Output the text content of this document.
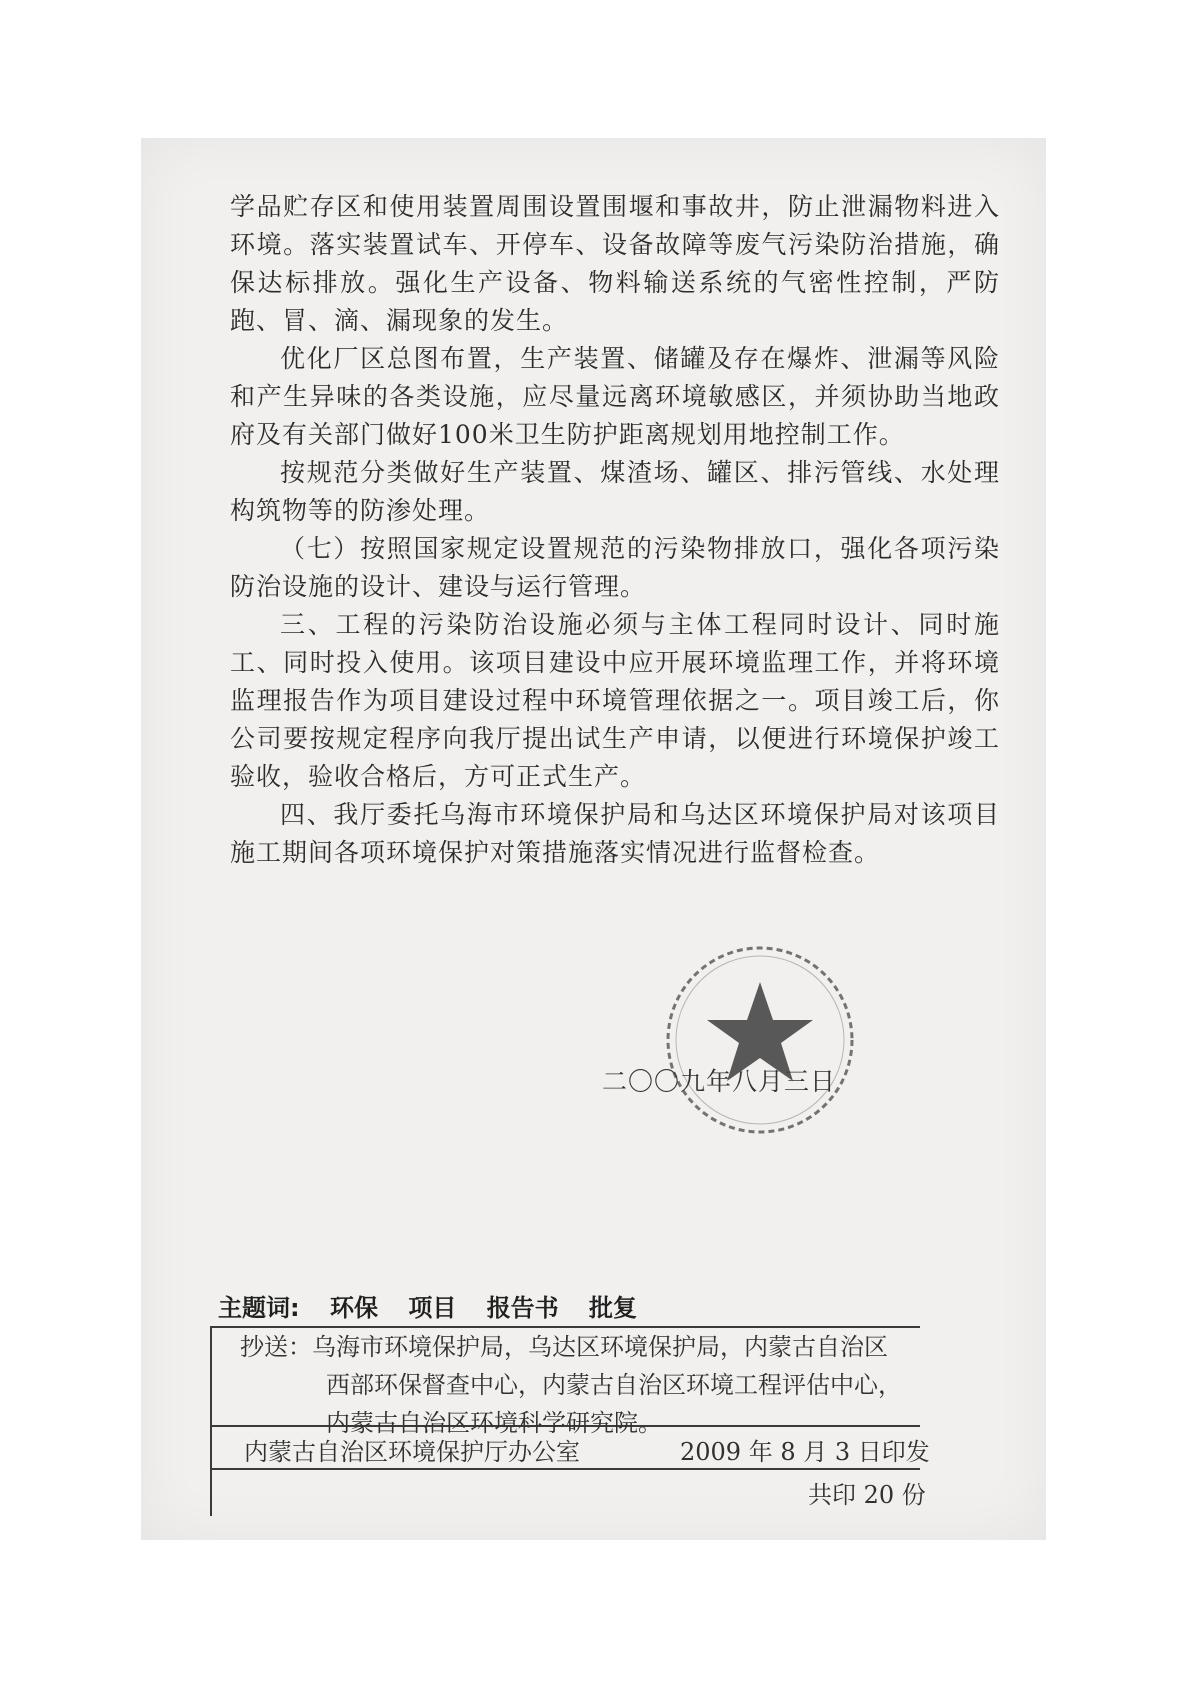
学品贮存区和使用装置周围设置围堰和事故井，防止泄漏物料进入环境。落实装置试车、开停车、设备故障等废气污染防治措施，确保达标排放。强化生产设备、物料输送系统的气密性控制，严防跑、冒、滴、漏现象的发生。

优化厂区总图布置，生产装置、储罐及存在爆炸、泄漏等风险和产生异味的各类设施，应尽量远离环境敏感区，并须协助当地政府及有关部门做好100米卫生防护距离规划用地控制工作。

按规范分类做好生产装置、煤渣场、罐区、排污管线、水处理构筑物等的防渗处理。

（七）按照国家规定设置规范的污染物排放口，强化各项污染防治设施的设计、建设与运行管理。

三、工程的污染防治设施必须与主体工程同时设计、同时施工、同时投入使用。该项目建设中应开展环境监理工作，并将环境监理报告作为项目建设过程中环境管理依据之一。项目竣工后，你公司要按规定程序向我厅提出试生产申请，以便进行环境保护竣工验收，验收合格后，方可正式生产。

四、我厅委托乌海市环境保护局和乌达区环境保护局对该项目施工期间各项环境保护对策措施落实情况进行监督检查。

二〇〇九年八月三日
主题词: 环保 项目 报告书 批复
抄送：乌海市环境保护局，乌达区环境保护局，内蒙古自治区
西部环保督查中心，内蒙古自治区环境工程评估中心，
内蒙古自治区环境科学研究院。
内蒙古自治区环境保护厅办公室	2009 年 8 月 3 日印发
共印 20 份
